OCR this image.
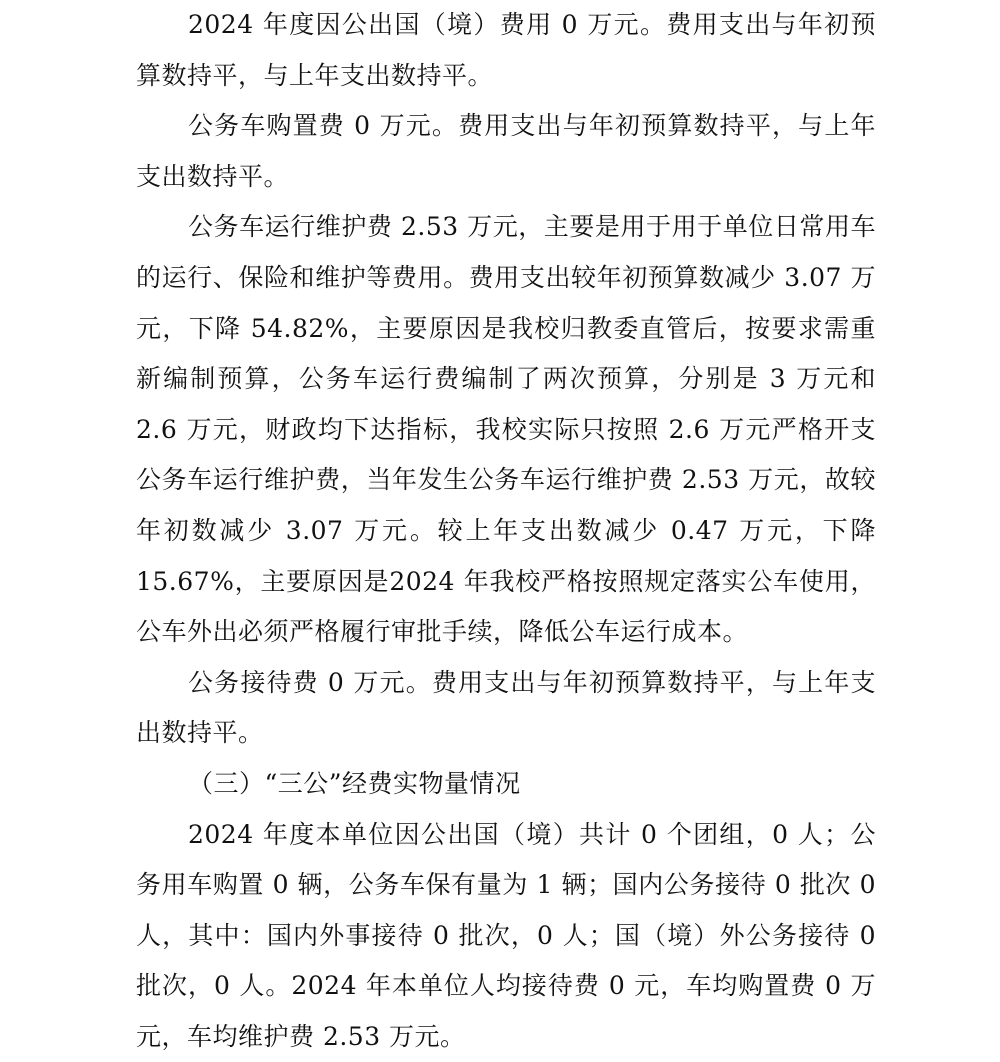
2024 年度因公出国（境）费用 0 万元。费用支出与年初预算数持平，与上年支出数持平。

公务车购置费 0 万元。费用支出与年初预算数持平，与上年支出数持平。

公务车运行维护费 2.53 万元，主要是用于用于单位日常用车的运行、保险和维护等费用。费用支出较年初预算数减少 3.07 万元，下降 54.82%，主要原因是我校归教委直管后，按要求需重新编制预算，公务车运行费编制了两次预算，分别是 3 万元和 2.6 万元，财政均下达指标，我校实际只按照 2.6 万元严格开支公务车运行维护费，当年发生公务车运行维护费 2.53 万元，故较年初数减少 3.07 万元。较上年支出数减少 0.47 万元，下降 15.67%，主要原因是2024 年我校严格按照规定落实公车使用，公车外出必须严格履行审批手续，降低公车运行成本。

公务接待费 0 万元。费用支出与年初预算数持平，与上年支出数持平。

（三）“三公”经费实物量情况

2024 年度本单位因公出国（境）共计 0 个团组，0 人；公务用车购置 0 辆，公务车保有量为 1 辆；国内公务接待 0 批次 0 人，其中：国内外事接待 0 批次，0 人；国（境）外公务接待 0 批次，0 人。2024 年本单位人均接待费 0 元，车均购置费 0 万元，车均维护费 2.53 万元。
